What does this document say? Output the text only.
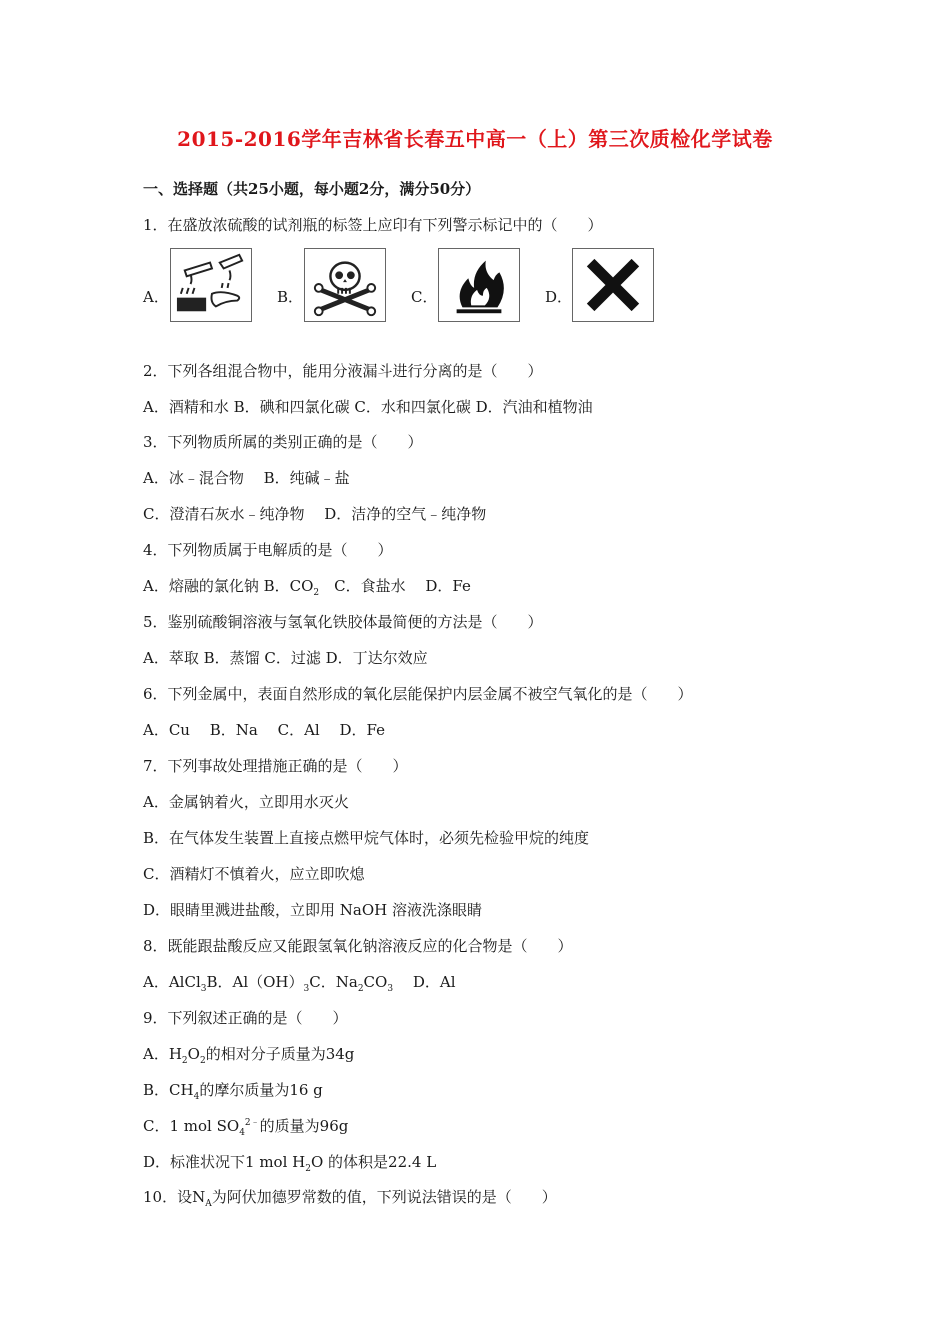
2015-2016学年吉林省长春五中高一（上）第三次质检化学试卷
一、选择题（共25小题，每小题2分，满分50分）
1．在盛放浓硫酸的试剂瓶的标签上应印有下列警示标记中的（　　）
A．	B．	C．	D．
2．下列各组混合物中，能用分液漏斗进行分离的是（　　）
A．酒精和水 B．碘和四氯化碳 C．水和四氯化碳 D．汽油和植物油
3．下列物质所属的类别正确的是（　　）
A．冰﹣混合物　 B．纯碱﹣盐
C．澄清石灰水﹣纯净物　 D．洁净的空气﹣纯净物
4．下列物质属于电解质的是（　　）
A．熔融的氯化钠 B．$CO_2$　C．食盐水　 D．Fe
5．鉴别硫酸铜溶液与氢氧化铁胶体最简便的方法是（　　）
A．萃取 B．蒸馏 C．过滤 D．丁达尔效应
6．下列金属中，表面自然形成的氧化层能保护内层金属不被空气氧化的是（　　）
A．Cu　 B．Na　 C．Al　 D．Fe
7．下列事故处理措施正确的是（　　）
A．金属钠着火，立即用水灭火
B．在气体发生装置上直接点燃甲烷气体时，必须先检验甲烷的纯度
C．酒精灯不慎着火，应立即吹熄
D．眼睛里溅进盐酸，立即用 NaOH 溶液洗涤眼睛
8．既能跟盐酸反应又能跟氢氧化钠溶液反应的化合物是（　　）
A．AlCl$_3$B．$Al(OH)_3C$．$Na_2CO_3$　 D．Al
9．下列叙述正确的是（　　）
A．$H_2O_2$的相对分子质量为34g
B．$CH_4$的摩尔质量为16 g
C．1 mol $SO_4^{2﹣}$的质量为96g
D．标准状况下1 mol $H_2O$ 的体积是22.4 L
10．设$N_A$为阿伏加德罗常数的值，下列说法错误的是（　　）
